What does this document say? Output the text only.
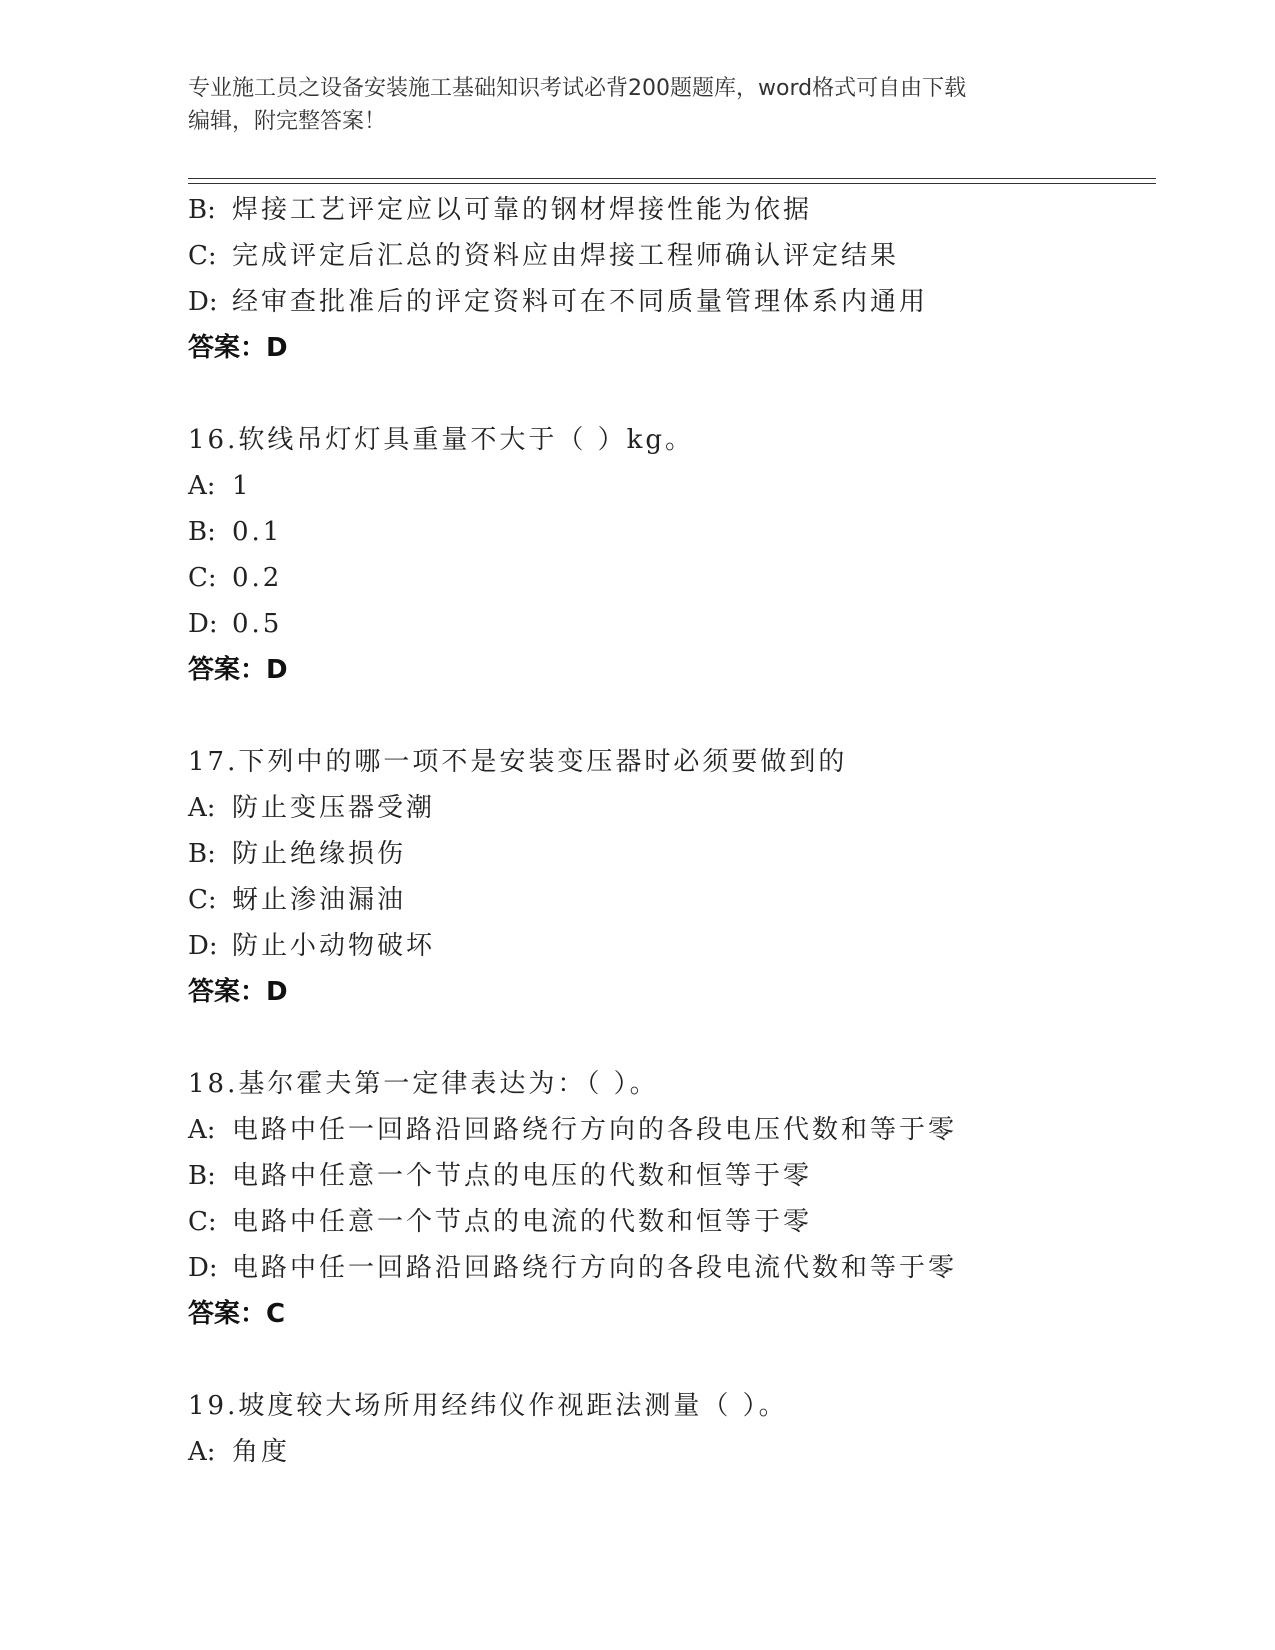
专业施工员之设备安装施工基础知识考试必背200题题库，word格式可自由下载
编辑，附完整答案！
B: 焊接工艺评定应以可靠的钢材焊接性能为依据
C: 完成评定后汇总的资料应由焊接工程师确认评定结果
D: 经审查批准后的评定资料可在不同质量管理体系内通用
答案：D
16.软线吊灯灯具重量不大于（ ）kg。
A: 1
B: 0.1
C: 0.2
D: 0.5
答案：D
17.下列中的哪一项不是安装变压器时必须要做到的
A: 防止变压器受潮
B: 防止绝缘损伤
C: 蚜止渗油漏油
D: 防止小动物破坏
答案：D
18.基尔霍夫第一定律表达为：（ ）。
A: 电路中任一回路沿回路绕行方向的各段电压代数和等于零
B: 电路中任意一个节点的电压的代数和恒等于零
C: 电路中任意一个节点的电流的代数和恒等于零
D: 电路中任一回路沿回路绕行方向的各段电流代数和等于零
答案：C
19.坡度较大场所用经纬仪作视距法测量（ ）。
A: 角度
